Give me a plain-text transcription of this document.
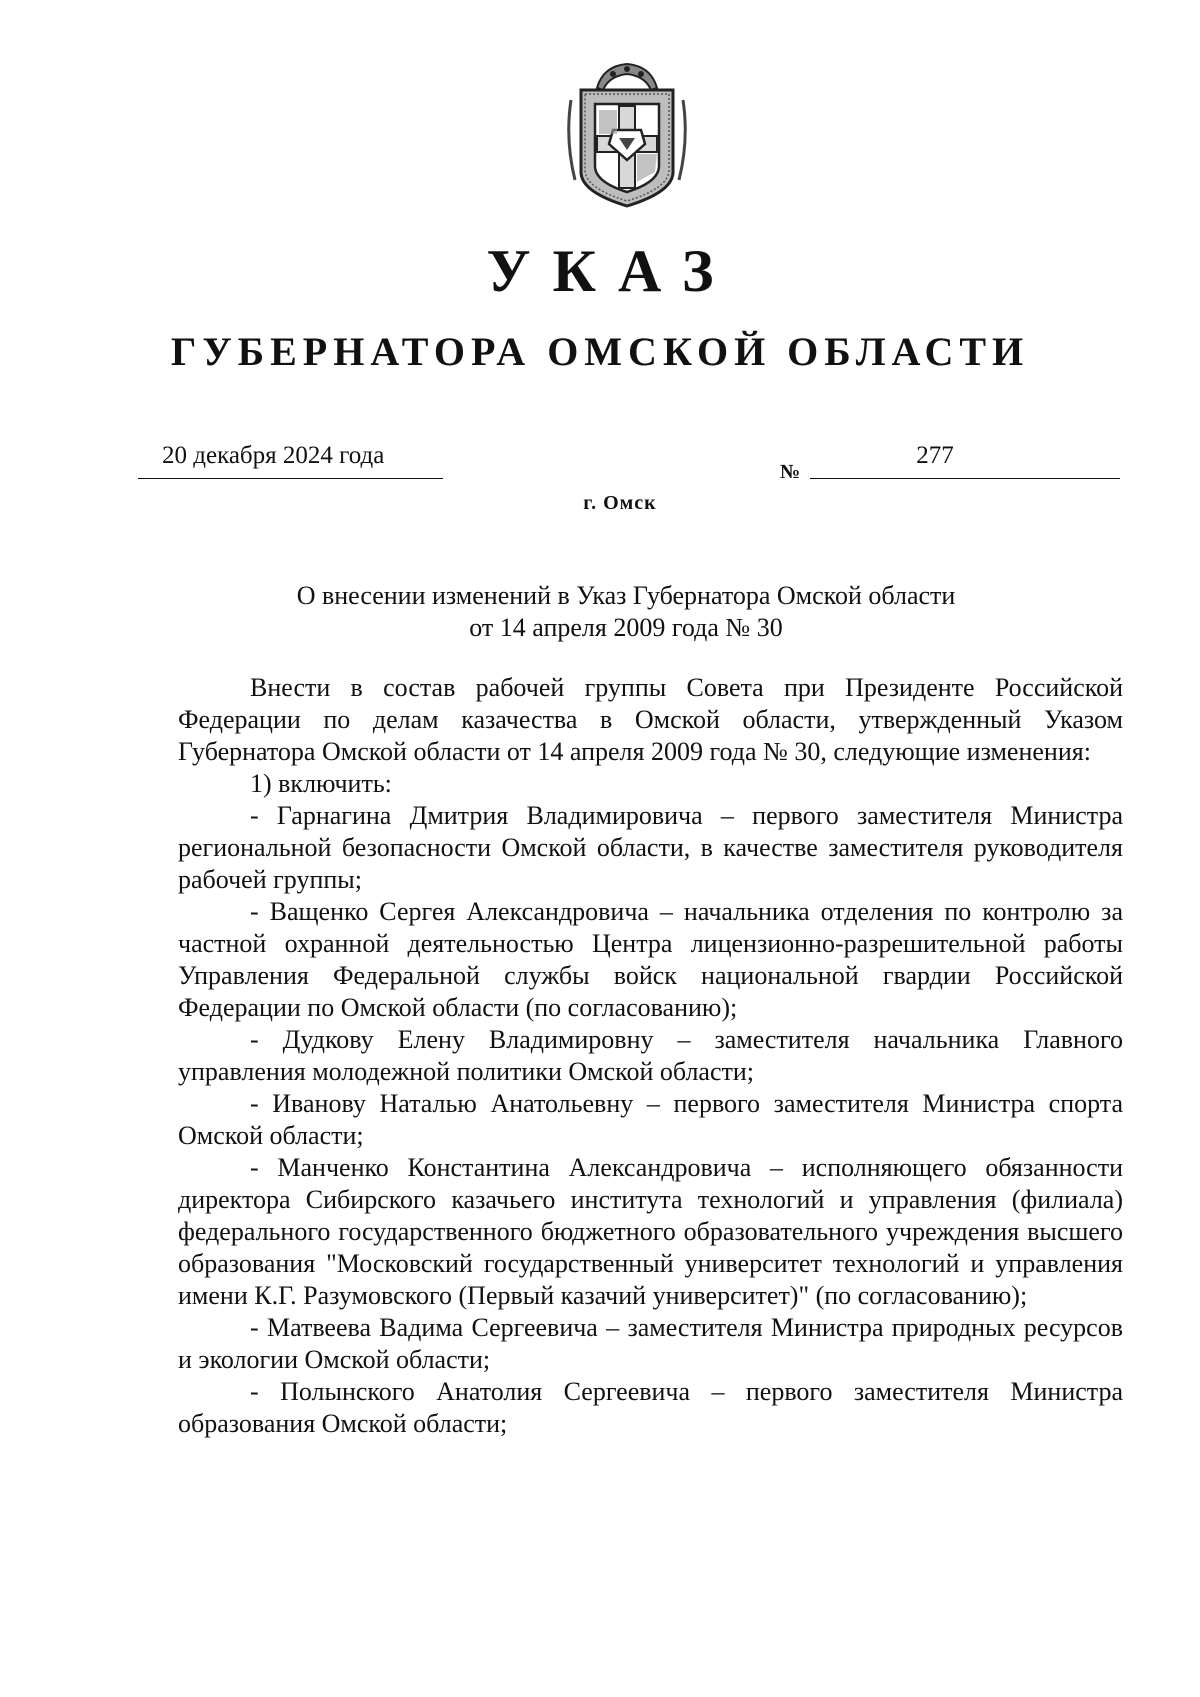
УКАЗ
ГУБЕРНАТОРА ОМСКОЙ ОБЛАСТИ
20 декабря 2024 года
№
277
г. Омск
О внесении изменений в Указ Губернатора Омской области
от 14 апреля 2009 года № 30

Внести в состав рабочей группы Совета при Президенте Российской Федерации по делам казачества в Омской области, утвержденный Указом Губернатора Омской области от 14 апреля 2009 года № 30, следующие изменения:

1) включить:

- Гарнагина Дмитрия Владимировича – первого заместителя Министра региональной безопасности Омской области, в качестве заместителя руководителя рабочей группы;

- Ващенко Сергея Александровича – начальника отделения по контролю за частной охранной деятельностью Центра лицензионно-разрешительной работы Управления Федеральной службы войск национальной гвардии Российской Федерации по Омской области (по согласованию);

- Дудкову Елену Владимировну – заместителя начальника Главного управления молодежной политики Омской области;

- Иванову Наталью Анатольевну – первого заместителя Министра спорта Омской области;

- Манченко Константина Александровича – исполняющего обязанности директора Сибирского казачьего института технологий и управления (филиала) федерального государственного бюджетного образовательного учреждения высшего образования "Московский государственный университет технологий и управления имени К.Г. Разумовского (Первый казачий университет)" (по согласованию);

- Матвеева Вадима Сергеевича – заместителя Министра природных ресурсов и экологии Омской области;

- Полынского Анатолия Сергеевича – первого заместителя Министра образования Омской области;
